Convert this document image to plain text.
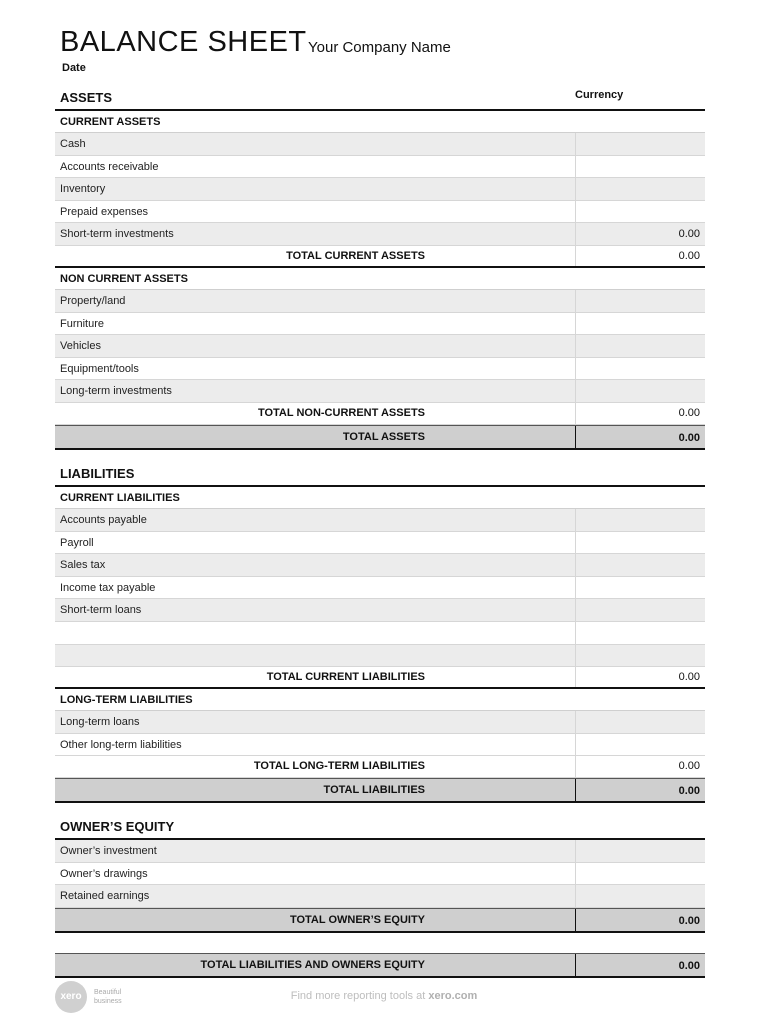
BALANCE SHEET Your Company Name
Date
ASSETS	Currency
CURRENT ASSETS
Cash
Accounts receivable
Inventory
Prepaid expenses
Short-term investments	0.00
TOTAL CURRENT ASSETS	0.00
NON CURRENT ASSETS
Property/land
Furniture
Vehicles
Equipment/tools
Long-term investments
TOTAL NON-CURRENT ASSETS	0.00
TOTAL ASSETS	0.00
LIABILITIES
CURRENT LIABILITIES
Accounts payable
Payroll
Sales tax
Income tax payable
Short-term loans
TOTAL CURRENT LIABILITIES	0.00
LONG-TERM LIABILITIES
Long-term loans
Other long-term liabilities
TOTAL LONG-TERM LIABILITIES	0.00
TOTAL LIABILITIES	0.00
OWNER’S EQUITY
Owner’s investment
Owner’s drawings
Retained earnings
TOTAL OWNER’S EQUITY	0.00
TOTAL LIABILITIES AND OWNERS EQUITY	0.00
xero	Beautiful
business	Find more reporting tools at xero.com
